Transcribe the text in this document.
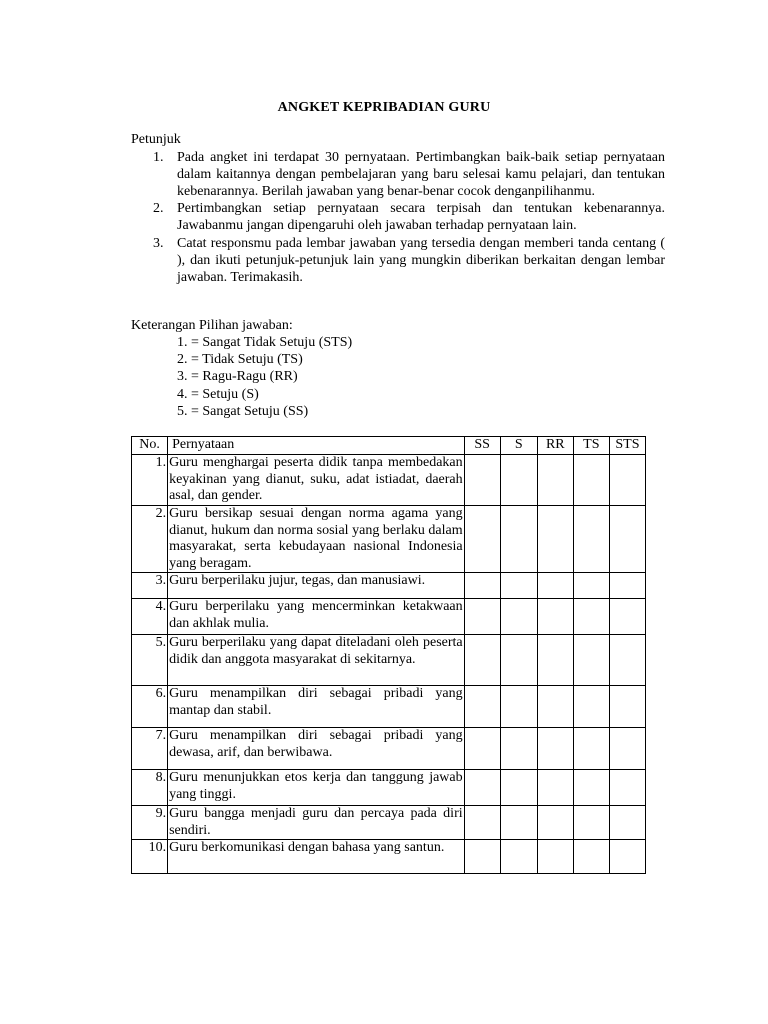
ANGKET KEPRIBADIAN GURU
Petunjuk
1. Pada angket ini terdapat 30 pernyataan. Pertimbangkan baik-baik setiap pernyataan dalam kaitannya dengan pembelajaran yang baru selesai kamu pelajari, dan tentukan kebenarannya. Berilah jawaban yang benar-benar cocok denganpilihanmu.
2. Pertimbangkan setiap pernyataan secara terpisah dan tentukan kebenarannya. Jawabanmu jangan dipengaruhi oleh jawaban terhadap pernyataan lain.
3. Catat responsmu pada lembar jawaban yang tersedia dengan memberi tanda centang ( ), dan ikuti petunjuk-petunjuk lain yang mungkin diberikan berkaitan dengan lembar jawaban. Terimakasih.
Keterangan Pilihan jawaban:
1. = Sangat Tidak Setuju (STS)
2. = Tidak Setuju (TS)
3. = Ragu-Ragu (RR)
4. = Setuju (S)
5. = Sangat Setuju (SS)
No.	Pernyataan	SS	S	RR	TS	STS
1.	Guru menghargai peserta didik tanpa membedakan keyakinan yang dianut, suku, adat istiadat, daerah asal, dan gender.					
2.	Guru bersikap sesuai dengan norma agama yang dianut, hukum dan norma sosial yang berlaku dalam masyarakat, serta kebudayaan nasional Indonesia yang beragam.					
3.	Guru berperilaku jujur, tegas, dan manusiawi.					
4.	Guru berperilaku yang mencerminkan ketakwaan dan akhlak mulia.					
5.	Guru berperilaku yang dapat diteladani oleh peserta didik dan anggota masyarakat di sekitarnya.					
6.	Guru menampilkan diri sebagai pribadi yang mantap dan stabil.					
7.	Guru menampilkan diri sebagai pribadi yang dewasa, arif, dan berwibawa.					
8.	Guru menunjukkan etos kerja dan tanggung jawab yang tinggi.					
9.	Guru bangga menjadi guru dan percaya pada diri sendiri.					
10.	Guru berkomunikasi dengan bahasa yang santun.					
